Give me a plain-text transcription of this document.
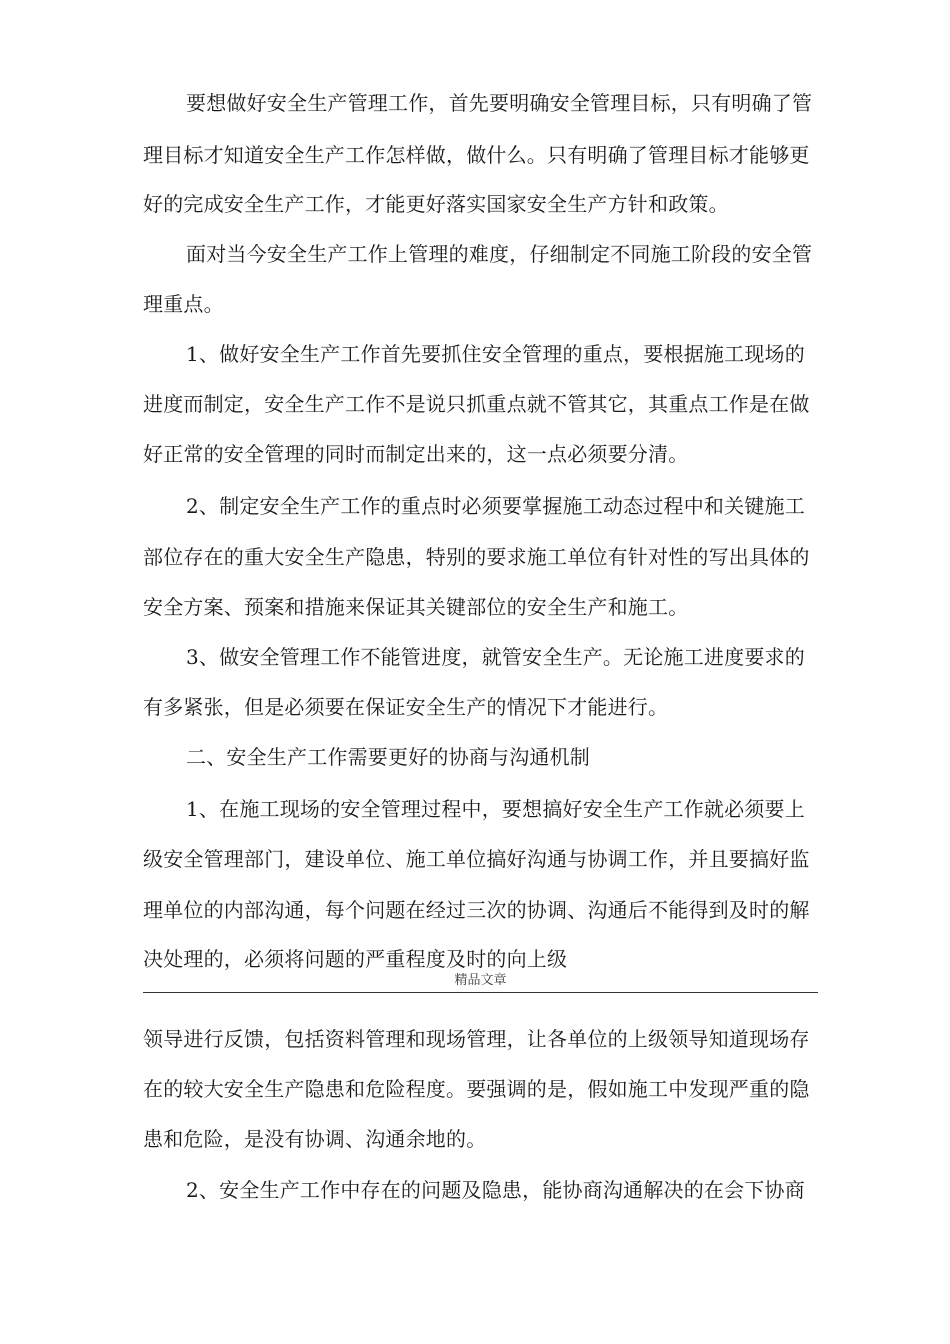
要想做好安全生产管理工作，首先要明确安全管理目标，只有明确了管
理目标才知道安全生产工作怎样做，做什么。只有明确了管理目标才能够更
好的完成安全生产工作，才能更好落实国家安全生产方针和政策。
面对当今安全生产工作上管理的难度，仔细制定不同施工阶段的安全管
理重点。
1、做好安全生产工作首先要抓住安全管理的重点，要根据施工现场的
进度而制定，安全生产工作不是说只抓重点就不管其它，其重点工作是在做
好正常的安全管理的同时而制定出来的，这一点必须要分清。
2、制定安全生产工作的重点时必须要掌握施工动态过程中和关键施工
部位存在的重大安全生产隐患，特别的要求施工单位有针对性的写出具体的
安全方案、预案和措施来保证其关键部位的安全生产和施工。
3、做安全管理工作不能管进度，就管安全生产。无论施工进度要求的
有多紧张，但是必须要在保证安全生产的情况下才能进行。
二、安全生产工作需要更好的协商与沟通机制
1、在施工现场的安全管理过程中，要想搞好安全生产工作就必须要上
级安全管理部门，建设单位、施工单位搞好沟通与协调工作，并且要搞好监
理单位的内部沟通，每个问题在经过三次的协调、沟通后不能得到及时的解
决处理的，必须将问题的严重程度及时的向上级
精品文章
领导进行反馈，包括资料管理和现场管理，让各单位的上级领导知道现场存
在的较大安全生产隐患和危险程度。要强调的是，假如施工中发现严重的隐
患和危险，是没有协调、沟通余地的。
2、安全生产工作中存在的问题及隐患，能协商沟通解决的在会下协商
